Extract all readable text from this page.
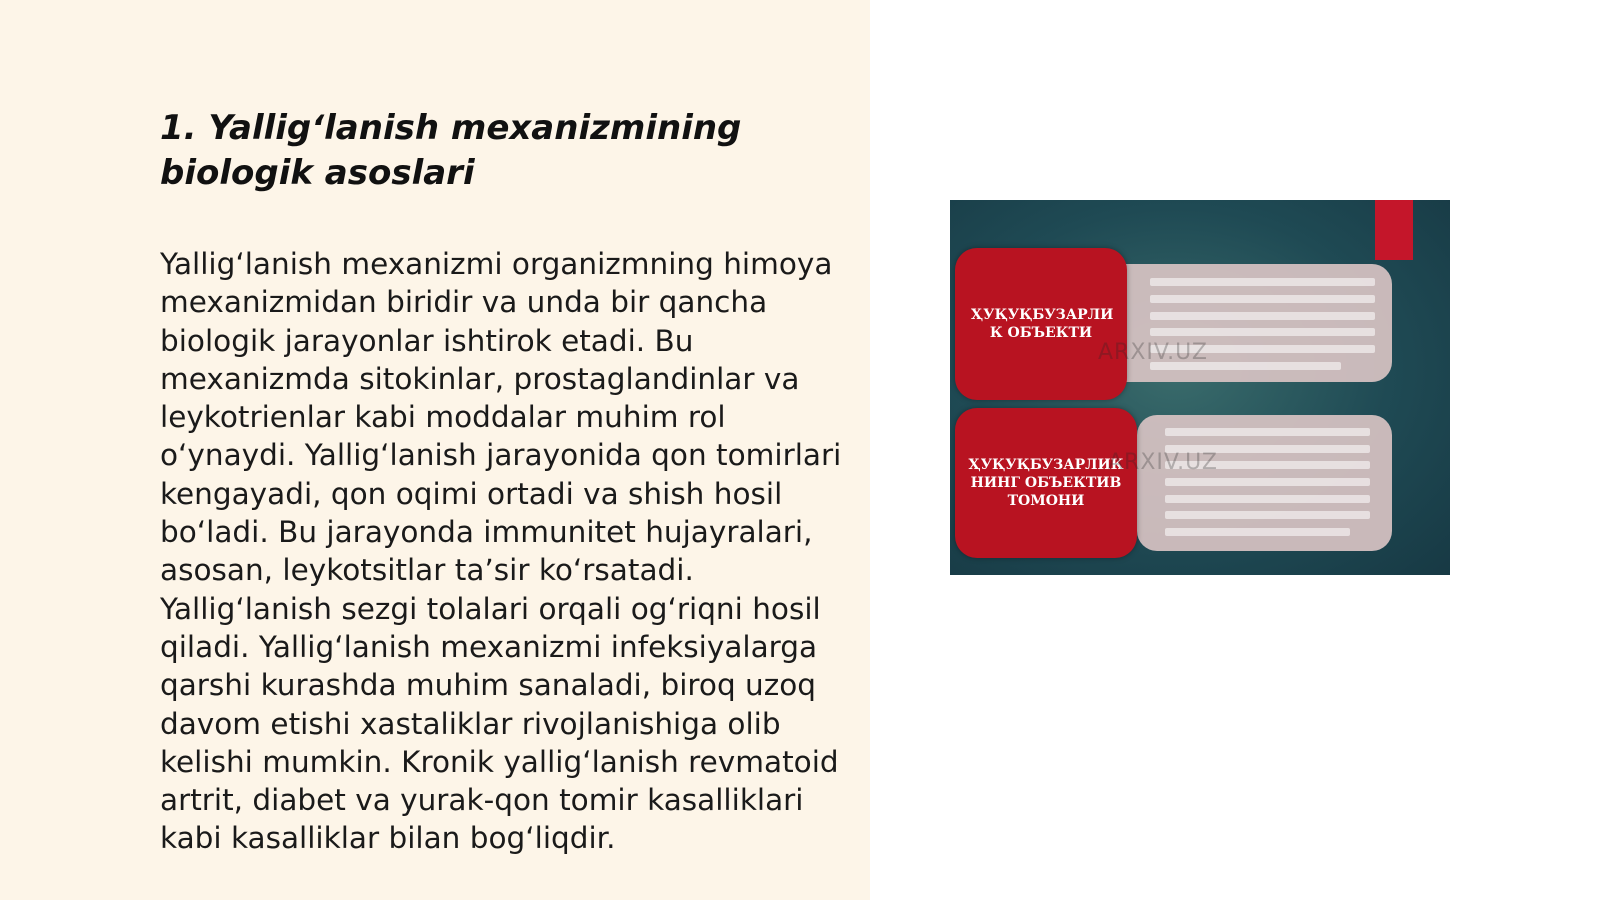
1. Yallig‘lanish mexanizmining biologik asoslari

Yallig‘lanish mexanizmi organizmning himoya mexanizmidan biridir va unda bir qancha biologik jarayonlar ishtirok etadi. Bu mexanizmda sitokinlar, prostaglandinlar va leykotrienlar kabi moddalar muhim rol o‘ynaydi. Yallig‘lanish jarayonida qon tomirlari kengayadi, qon oqimi ortadi va shish hosil bo‘ladi. Bu jarayonda immunitet hujayralari, asosan, leykotsitlar ta’sir ko‘rsatadi. Yallig‘lanish sezgi tolalari orqali og‘riqni hosil qiladi. Yallig‘lanish mexanizmi infeksiyalarga qarshi kurashda muhim sanaladi, biroq uzoq davom etishi xastaliklar rivojlanishiga olib kelishi mumkin. Kronik yallig‘lanish revmatoid artrit, diabet va yurak-qon tomir kasalliklari kabi kasalliklar bilan bog‘liqdir.

ҲУҚУҚБУЗАРЛИ К ОБЪЕКТИ
ARXIV.UZ
ҲУҚУҚБУЗАРЛИК НИНГ ОБЪЕКТИВ ТОМОНИ
ARXIV.UZ
